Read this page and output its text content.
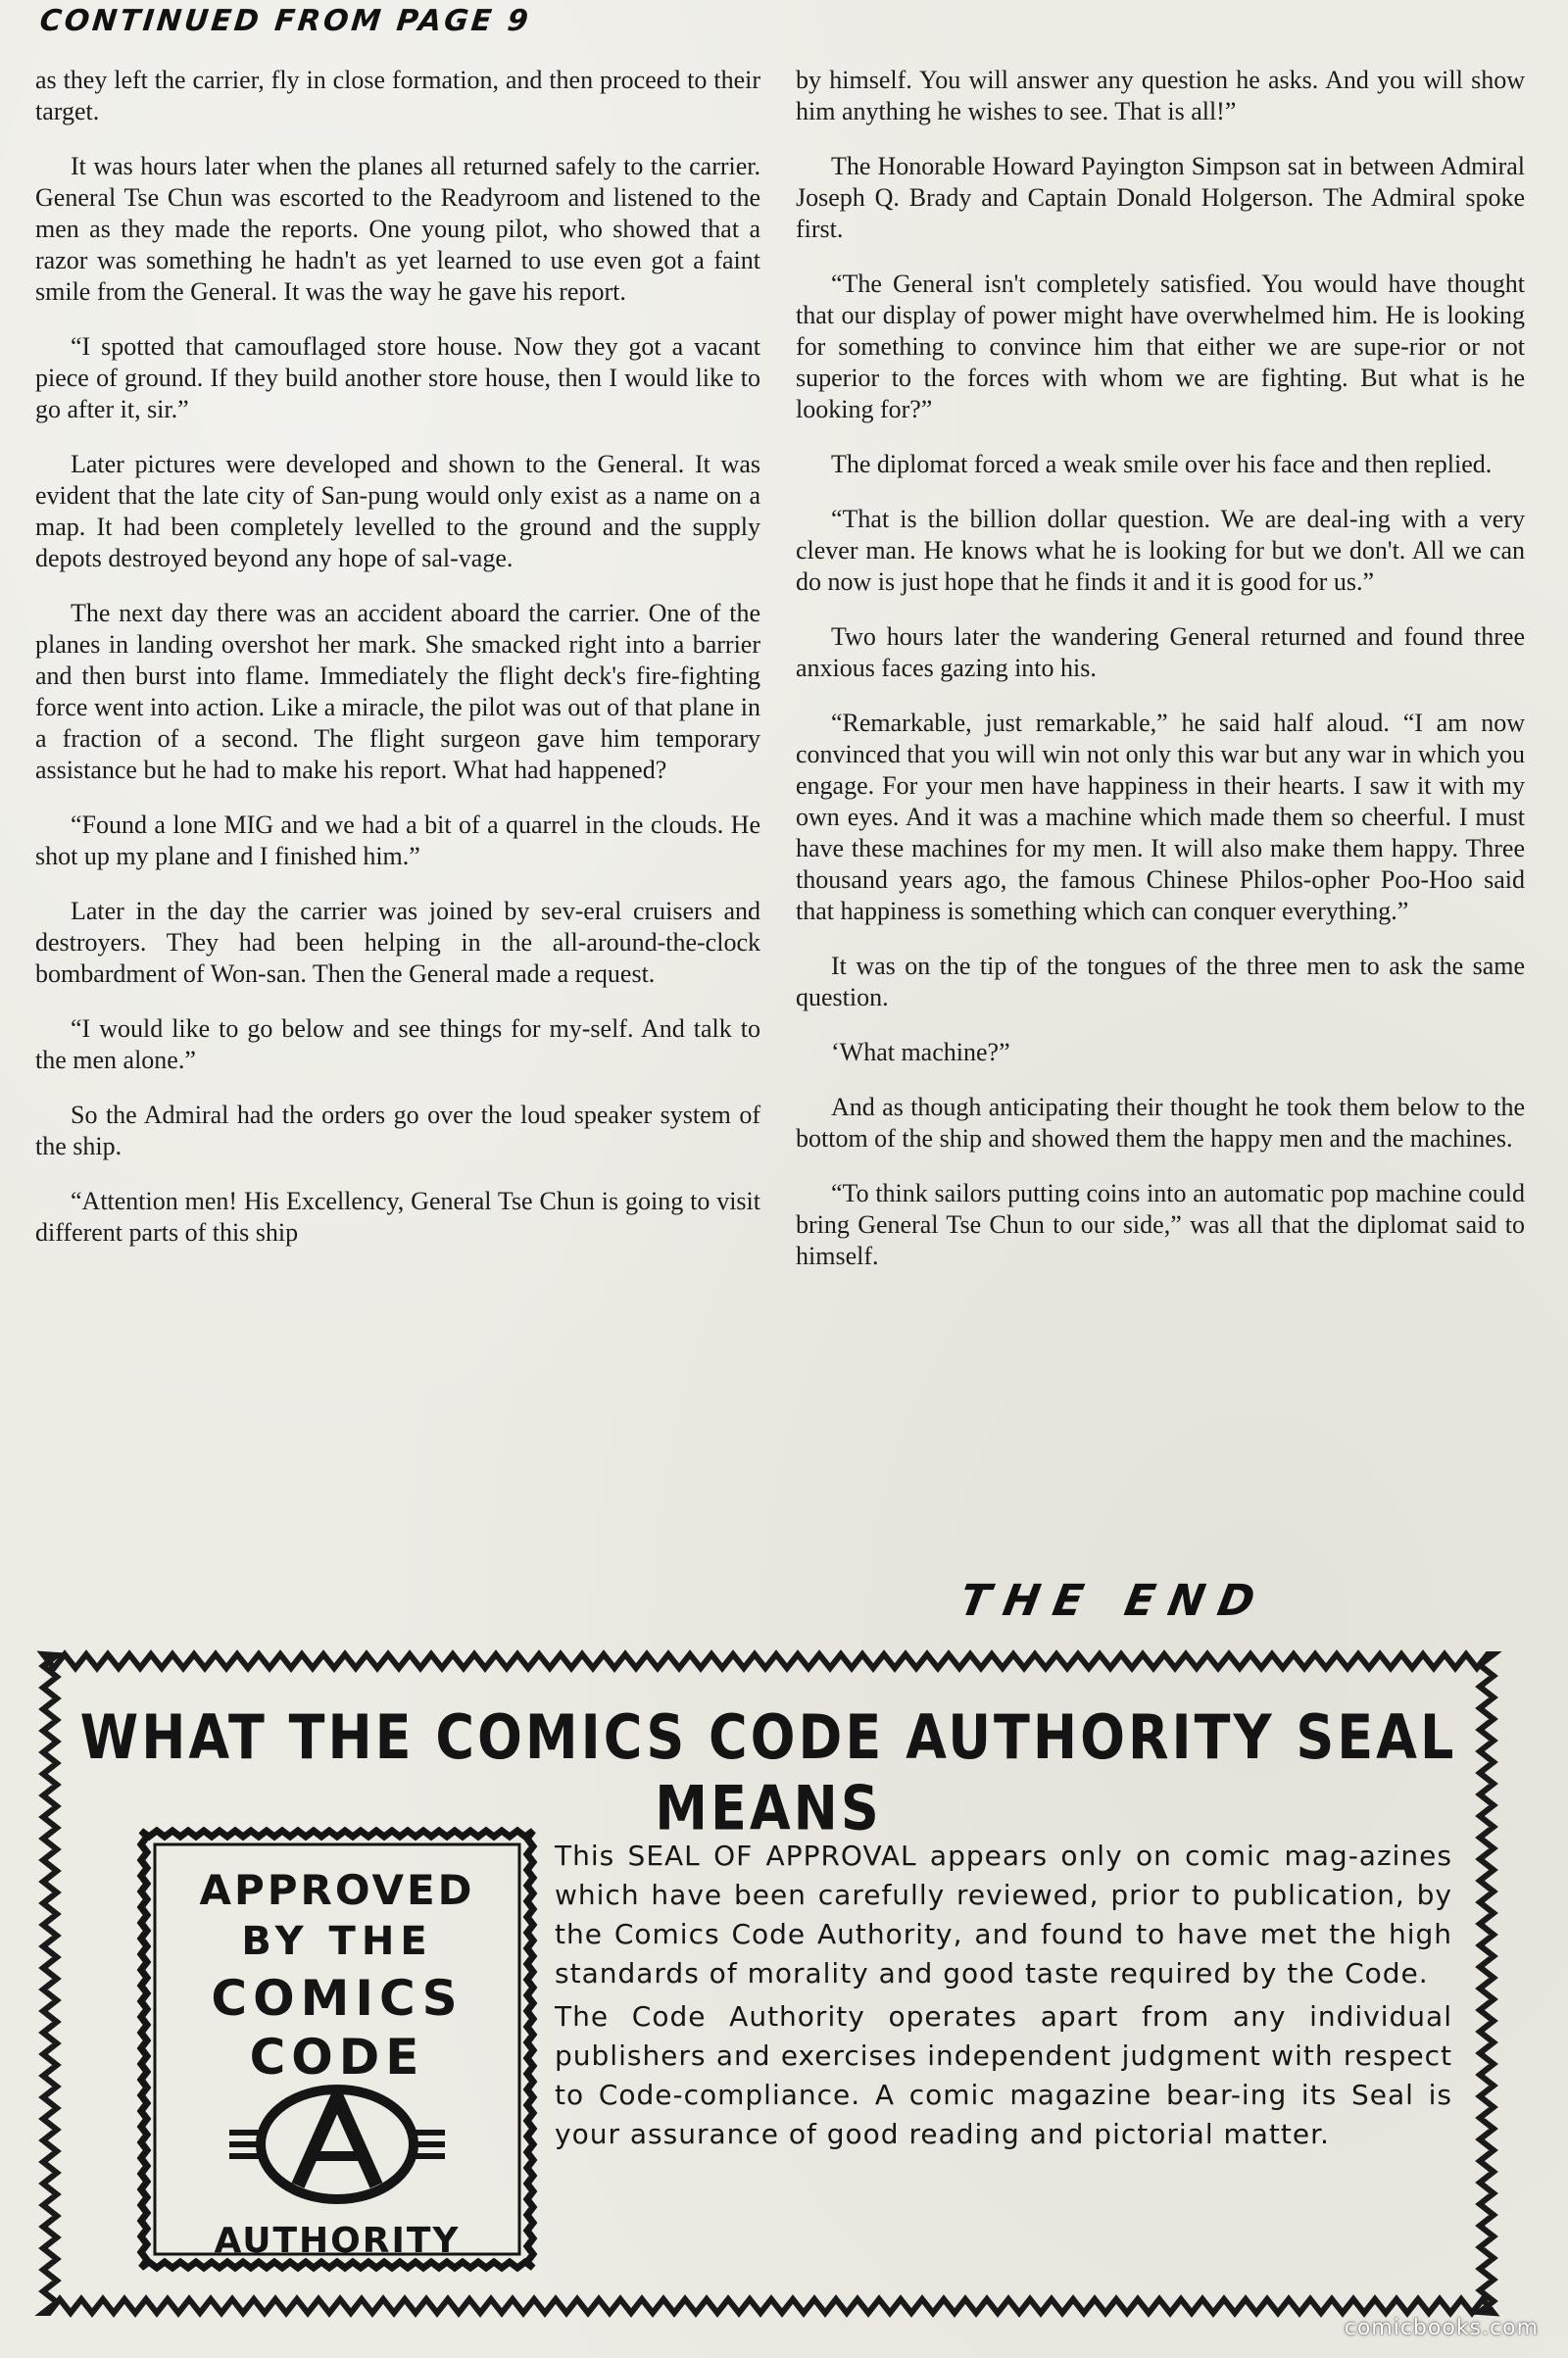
CONTINUED FROM PAGE 9

as they left the carrier, fly in close formation, and then proceed to their target.

It was hours later when the planes all returned safely to the carrier. General Tse Chun was escorted to the Readyroom and listened to the men as they made the reports. One young pilot, who showed that a razor was something he hadn't as yet learned to use even got a faint smile from the General. It was the way he gave his report.

“I spotted that camouflaged store house. Now they got a vacant piece of ground. If they build another store house, then I would like to go after it, sir.”

Later pictures were developed and shown to the General. It was evident that the late city of San-pung would only exist as a name on a map. It had been completely levelled to the ground and the supply depots destroyed beyond any hope of sal-vage.

The next day there was an accident aboard the carrier. One of the planes in landing overshot her mark. She smacked right into a barrier and then burst into flame. Immediately the flight deck's fire-fighting force went into action. Like a miracle, the pilot was out of that plane in a fraction of a second. The flight surgeon gave him temporary assistance but he had to make his report. What had happened?

“Found a lone MIG and we had a bit of a quarrel in the clouds. He shot up my plane and I finished him.”

Later in the day the carrier was joined by sev-eral cruisers and destroyers. They had been helping in the all-around-the-clock bombardment of Won-san. Then the General made a request.

“I would like to go below and see things for my-self. And talk to the men alone.”

So the Admiral had the orders go over the loud speaker system of the ship.

“Attention men! His Excellency, General Tse Chun is going to visit different parts of this ship

by himself. You will answer any question he asks. And you will show him anything he wishes to see. That is all!”

The Honorable Howard Payington Simpson sat in between Admiral Joseph Q. Brady and Captain Donald Holgerson. The Admiral spoke first.

“The General isn't completely satisfied. You would have thought that our display of power might have overwhelmed him. He is looking for something to convince him that either we are supe-rior or not superior to the forces with whom we are fighting. But what is he looking for?”

The diplomat forced a weak smile over his face and then replied.

“That is the billion dollar question. We are deal-ing with a very clever man. He knows what he is looking for but we don't. All we can do now is just hope that he finds it and it is good for us.”

Two hours later the wandering General returned and found three anxious faces gazing into his.

“Remarkable, just remarkable,” he said half aloud. “I am now convinced that you will win not only this war but any war in which you engage. For your men have happiness in their hearts. I saw it with my own eyes. And it was a machine which made them so cheerful. I must have these machines for my men. It will also make them happy. Three thousand years ago, the famous Chinese Philos-opher Poo-Hoo said that happiness is something which can conquer everything.”

It was on the tip of the tongues of the three men to ask the same question.

‘What machine?”

And as though anticipating their thought he took them below to the bottom of the ship and showed them the happy men and the machines.

“To think sailors putting coins into an automatic pop machine could bring General Tse Chun to our side,” was all that the diplomat said to himself.

THE END
WHAT THE COMICS CODE AUTHORITY SEAL MEANS
APPROVED
BY THE
COMICS
CODE
AUTHORITY

This SEAL OF APPROVAL appears only on comic mag-azines which have been carefully reviewed, prior to publication, by the Comics Code Authority, and found to have met the high standards of morality and good taste required by the Code.

The Code Authority operates apart from any individual publishers and exercises independent judgment with respect to Code-compliance. A comic magazine bear-ing its Seal is your assurance of good reading and pictorial matter.

comicbooks.com
